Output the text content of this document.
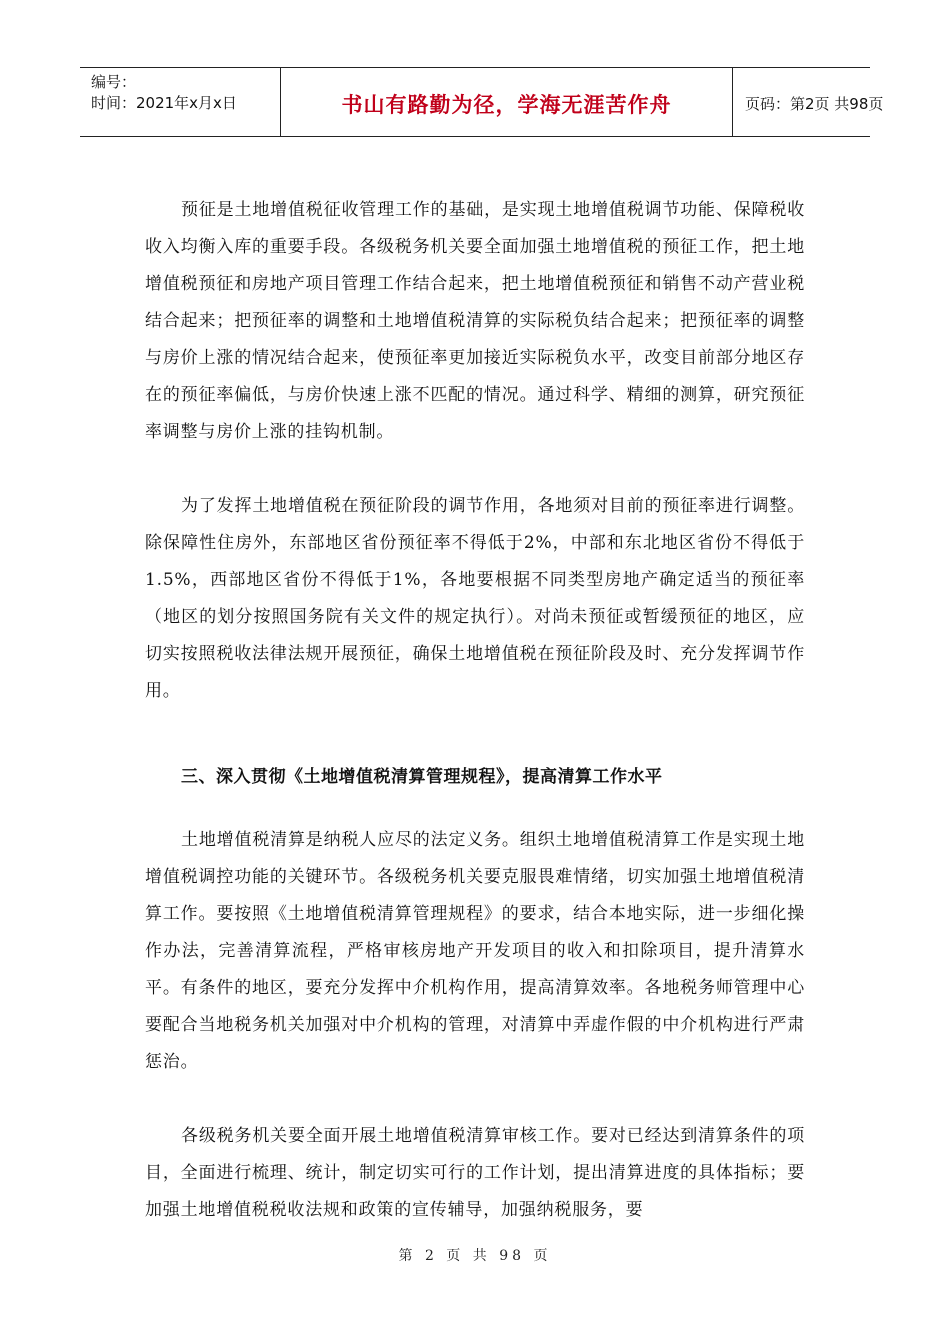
编号：
时间：2021年x月x日	书山有路勤为径，学海无涯苦作舟	页码：第2页 共98页
预征是土地增值税征收管理工作的基础，是实现土地增值税调节功能、保障税收收入均衡入库的重要手段。各级税务机关要全面加强土地增值税的预征工作，把土地增值税预征和房地产项目管理工作结合起来，把土地增值税预征和销售不动产营业税结合起来；把预征率的调整和土地增值税清算的实际税负结合起来；把预征率的调整与房价上涨的情况结合起来，使预征率更加接近实际税负水平，改变目前部分地区存在的预征率偏低，与房价快速上涨不匹配的情况。通过科学、精细的测算，研究预征率调整与房价上涨的挂钩机制。
为了发挥土地增值税在预征阶段的调节作用，各地须对目前的预征率进行调整。除保障性住房外，东部地区省份预征率不得低于2%，中部和东北地区省份不得低于1.5%，西部地区省份不得低于1%，各地要根据不同类型房地产确定适当的预征率（地区的划分按照国务院有关文件的规定执行）。对尚未预征或暂缓预征的地区，应切实按照税收法律法规开展预征，确保土地增值税在预征阶段及时、充分发挥调节作用。
三、深入贯彻《土地增值税清算管理规程》，提高清算工作水平
土地增值税清算是纳税人应尽的法定义务。组织土地增值税清算工作是实现土地增值税调控功能的关键环节。各级税务机关要克服畏难情绪，切实加强土地增值税清算工作。要按照《土地增值税清算管理规程》的要求，结合本地实际，进一步细化操作办法，完善清算流程，严格审核房地产开发项目的收入和扣除项目，提升清算水平。有条件的地区，要充分发挥中介机构作用，提高清算效率。各地税务师管理中心要配合当地税务机关加强对中介机构的管理，对清算中弄虚作假的中介机构进行严肃惩治。
各级税务机关要全面开展土地增值税清算审核工作。要对已经达到清算条件的项目，全面进行梳理、统计，制定切实可行的工作计划，提出清算进度的具体指标；要加强土地增值税税收法规和政策的宣传辅导，加强纳税服务，要
第 2 页 共 98 页
